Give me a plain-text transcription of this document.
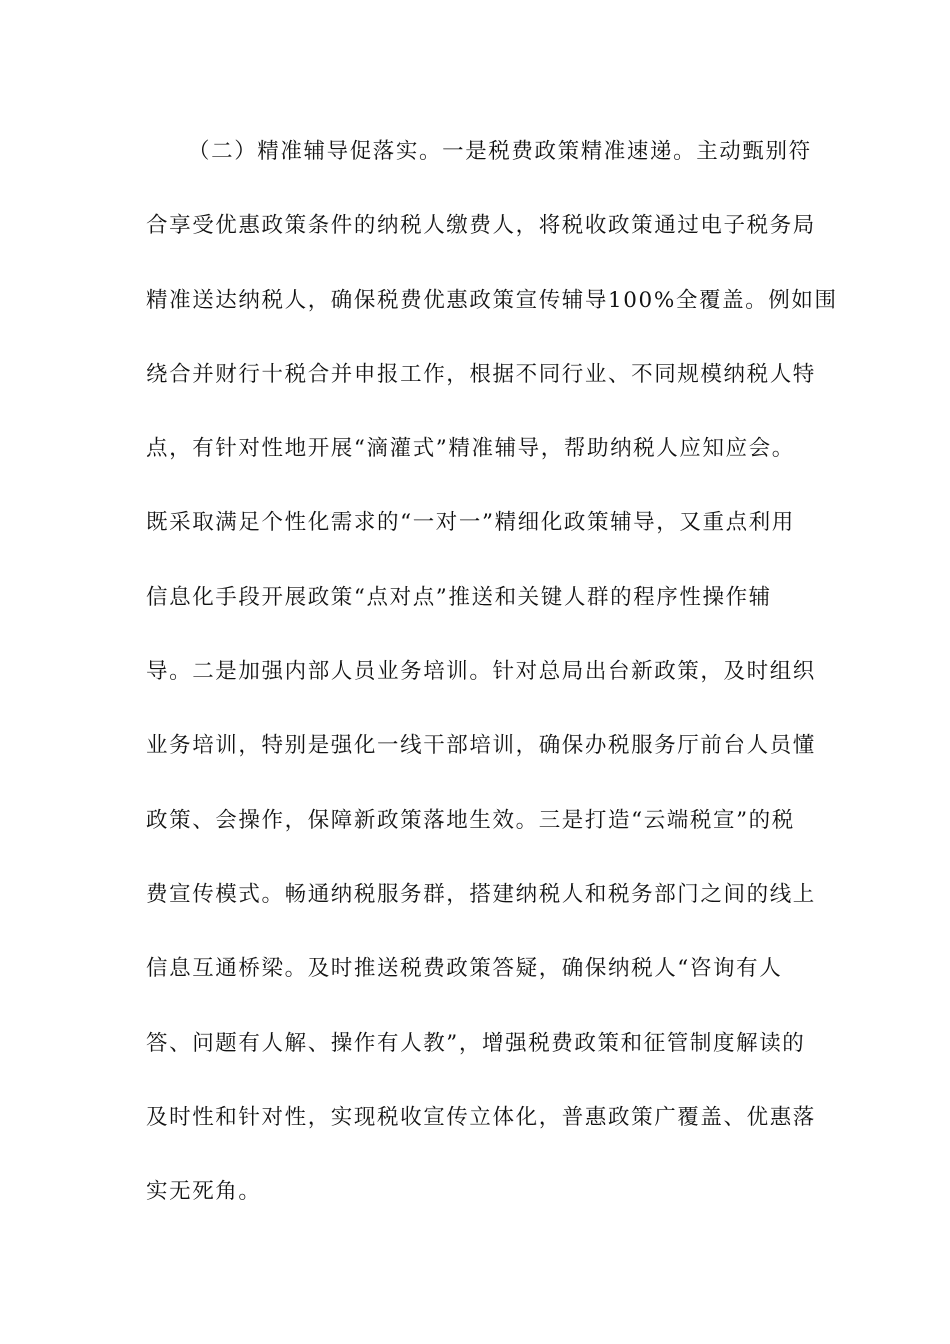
（二）精准辅导促落实。一是税费政策精准速递。主动甄别符
合享受优惠政策条件的纳税人缴费人，将税收政策通过电子税务局
精准送达纳税人，确保税费优惠政策宣传辅导100%全覆盖。例如围
绕合并财行十税合并申报工作，根据不同行业、不同规模纳税人特
点，有针对性地开展“滴灌式”精准辅导，帮助纳税人应知应会。
既采取满足个性化需求的“一对一”精细化政策辅导，又重点利用
信息化手段开展政策“点对点”推送和关键人群的程序性操作辅
导。二是加强内部人员业务培训。针对总局出台新政策，及时组织
业务培训，特别是强化一线干部培训，确保办税服务厅前台人员懂
政策、会操作，保障新政策落地生效。三是打造“云端税宣”的税
费宣传模式。畅通纳税服务群，搭建纳税人和税务部门之间的线上
信息互通桥梁。及时推送税费政策答疑，确保纳税人“咨询有人
答、问题有人解、操作有人教”，增强税费政策和征管制度解读的
及时性和针对性，实现税收宣传立体化，普惠政策广覆盖、优惠落
实无死角。
